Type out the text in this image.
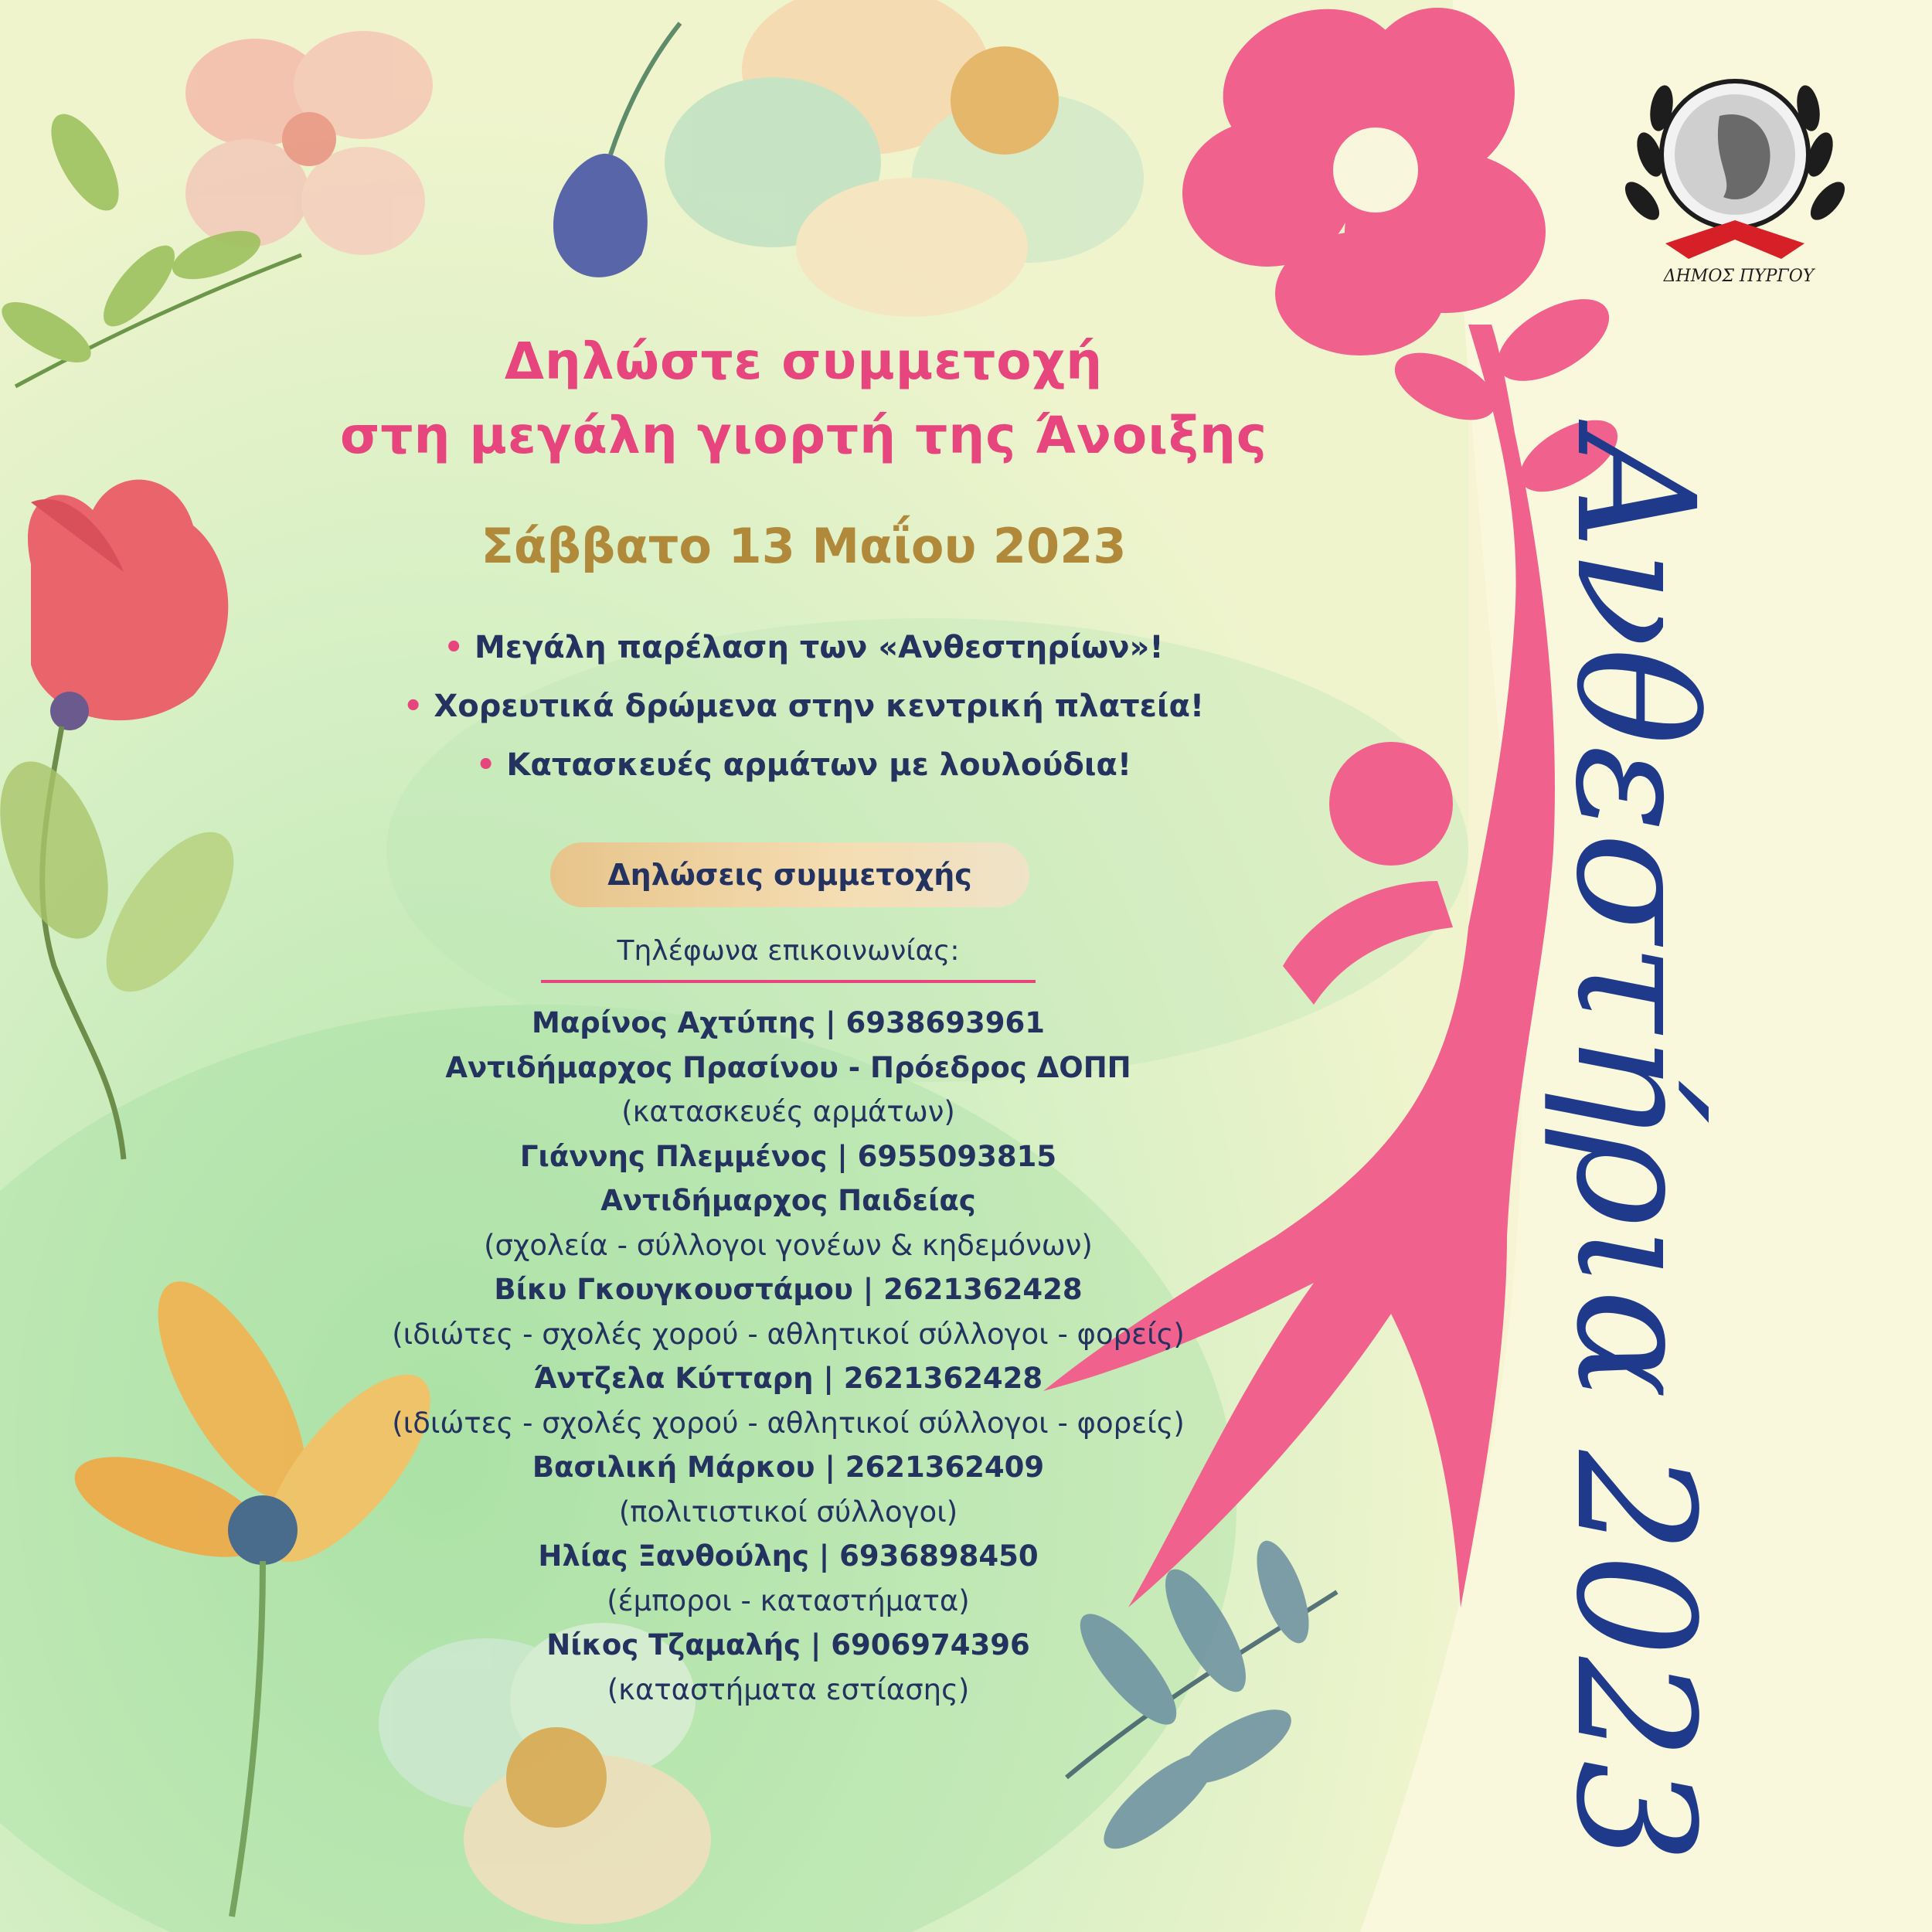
ΔΗΜΟΣ ΠΥΡΓΟΥ
Ανθεστήρια 2023
Δηλώστε συμμετοχή
στη μεγάλη γιορτή της Άνοιξης
Σάββατο 13 Μαΐου 2023
• Μεγάλη παρέλαση των «Ανθεστηρίων»!
• Χορευτικά δρώμενα στην κεντρική πλατεία!
• Κατασκευές αρμάτων με λουλούδια!
Δηλώσεις συμμετοχής
Τηλέφωνα επικοινωνίας:
Μαρίνος Αχτύπης | 6938693961
Αντιδήμαρχος Πρασίνου - Πρόεδρος ΔΟΠΠ
(κατασκευές αρμάτων)
Γιάννης Πλεμμένος | 6955093815
Αντιδήμαρχος Παιδείας
(σχολεία - σύλλογοι γονέων & κηδεμόνων)
Βίκυ Γκουγκουστάμου | 2621362428
(ιδιώτες - σχολές χορού - αθλητικοί σύλλογοι - φορείς)
Άντζελα Κύτταρη | 2621362428
(ιδιώτες - σχολές χορού - αθλητικοί σύλλογοι - φορείς)
Βασιλική Μάρκου | 2621362409
(πολιτιστικοί σύλλογοι)
Ηλίας Ξανθούλης | 6936898450
(έμποροι - καταστήματα)
Νίκος Τζαμαλής | 6906974396
(καταστήματα εστίασης)
